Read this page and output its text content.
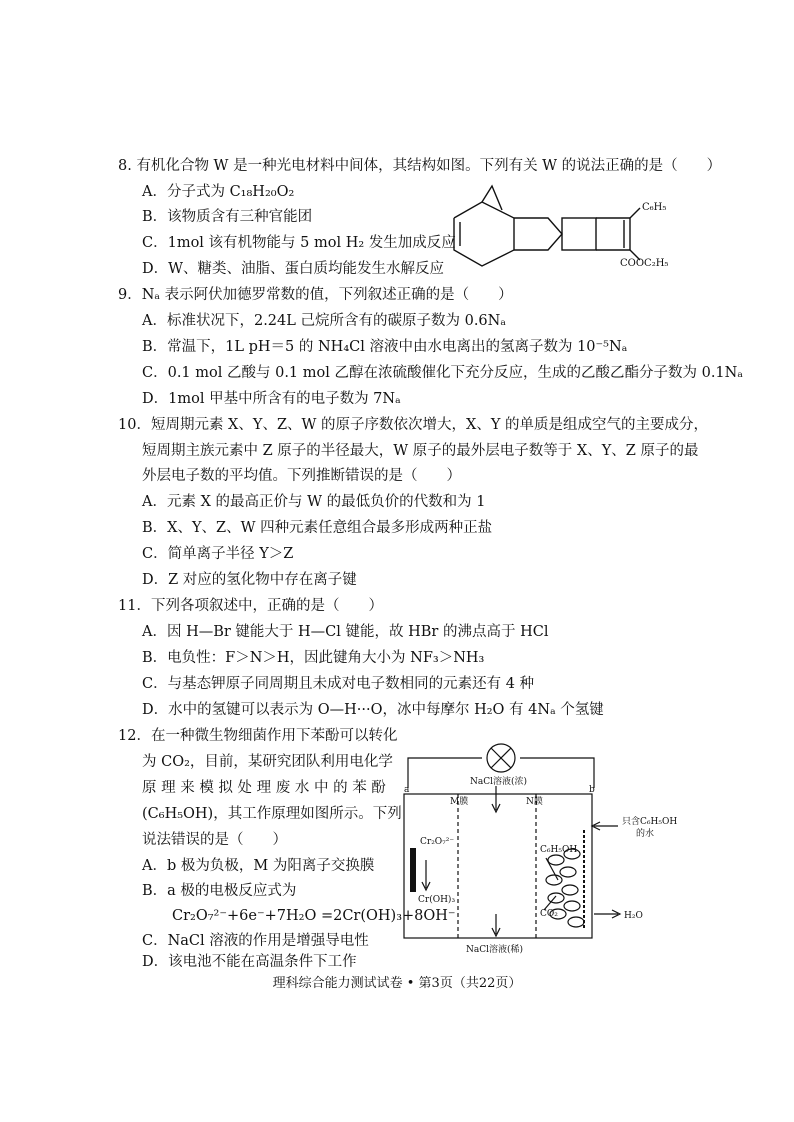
8. 有机化合物 W 是一种光电材料中间体，其结构如图。下列有关 W 的说法正确的是（　　）
A．分子式为 C₁₈H₂₀O₂
B．该物质含有三种官能团
C．1mol 该有机物能与 5 mol H₂ 发生加成反应
D．W、糖类、油脂、蛋白质均能发生水解反应
C₆H₅
COOC₂H₅
9．Nₐ 表示阿伏加德罗常数的值，下列叙述正确的是（　　）
A．标准状况下，2.24L 己烷所含有的碳原子数为 0.6Nₐ
B．常温下，1L pH＝5 的 NH₄Cl 溶液中由水电离出的氢离子数为 10⁻⁵Nₐ
C．0.1 mol 乙酸与 0.1 mol 乙醇在浓硫酸催化下充分反应，生成的乙酸乙酯分子数为 0.1Nₐ
D．1mol 甲基中所含有的电子数为 7Nₐ
10．短周期元素 X、Y、Z、W 的原子序数依次增大，X、Y 的单质是组成空气的主要成分，
短周期主族元素中 Z 原子的半径最大，W 原子的最外层电子数等于 X、Y、Z 原子的最
外层电子数的平均值。下列推断错误的是（　　）
A．元素 X 的最高正价与 W 的最低负价的代数和为 1
B．X、Y、Z、W 四种元素任意组合最多形成两种正盐
C．简单离子半径 Y＞Z
D．Z 对应的氢化物中存在离子键
11．下列各项叙述中，正确的是（　　）
A．因 H—Br 键能大于 H—Cl 键能，故 HBr 的沸点高于 HCl
B．电负性：F＞N＞H，因此键角大小为 NF₃＞NH₃
C．与基态钾原子同周期且未成对电子数相同的元素还有 4 种
D．水中的氢键可以表示为 O—H···O，冰中每摩尔 H₂O 有 4Nₐ 个氢键
12．在一种微生物细菌作用下苯酚可以转化
为 CO₂，目前，某研究团队利用电化学
原 理 来 模 拟 处 理 废 水 中 的 苯 酚
(C₆H₅OH)，其工作原理如图所示。下列
说法错误的是（　　）
A．b 极为负极，M 为阳离子交换膜
B．a 极的电极反应式为
Cr₂O₇²⁻+6e⁻+7H₂O =2Cr(OH)₃+8OH⁻
C．NaCl 溶液的作用是增强导电性
D．该电池不能在高温条件下工作
a	b
NaCl溶液(浓)
M膜	N膜
只含C₆H₅OH
的水
Cr₂O₇²⁻
Cr(OH)₃
C₆H₅OH
CO₂	H₂O
NaCl溶液(稀)
理科综合能力测试试卷 • 第3页（共22页）
